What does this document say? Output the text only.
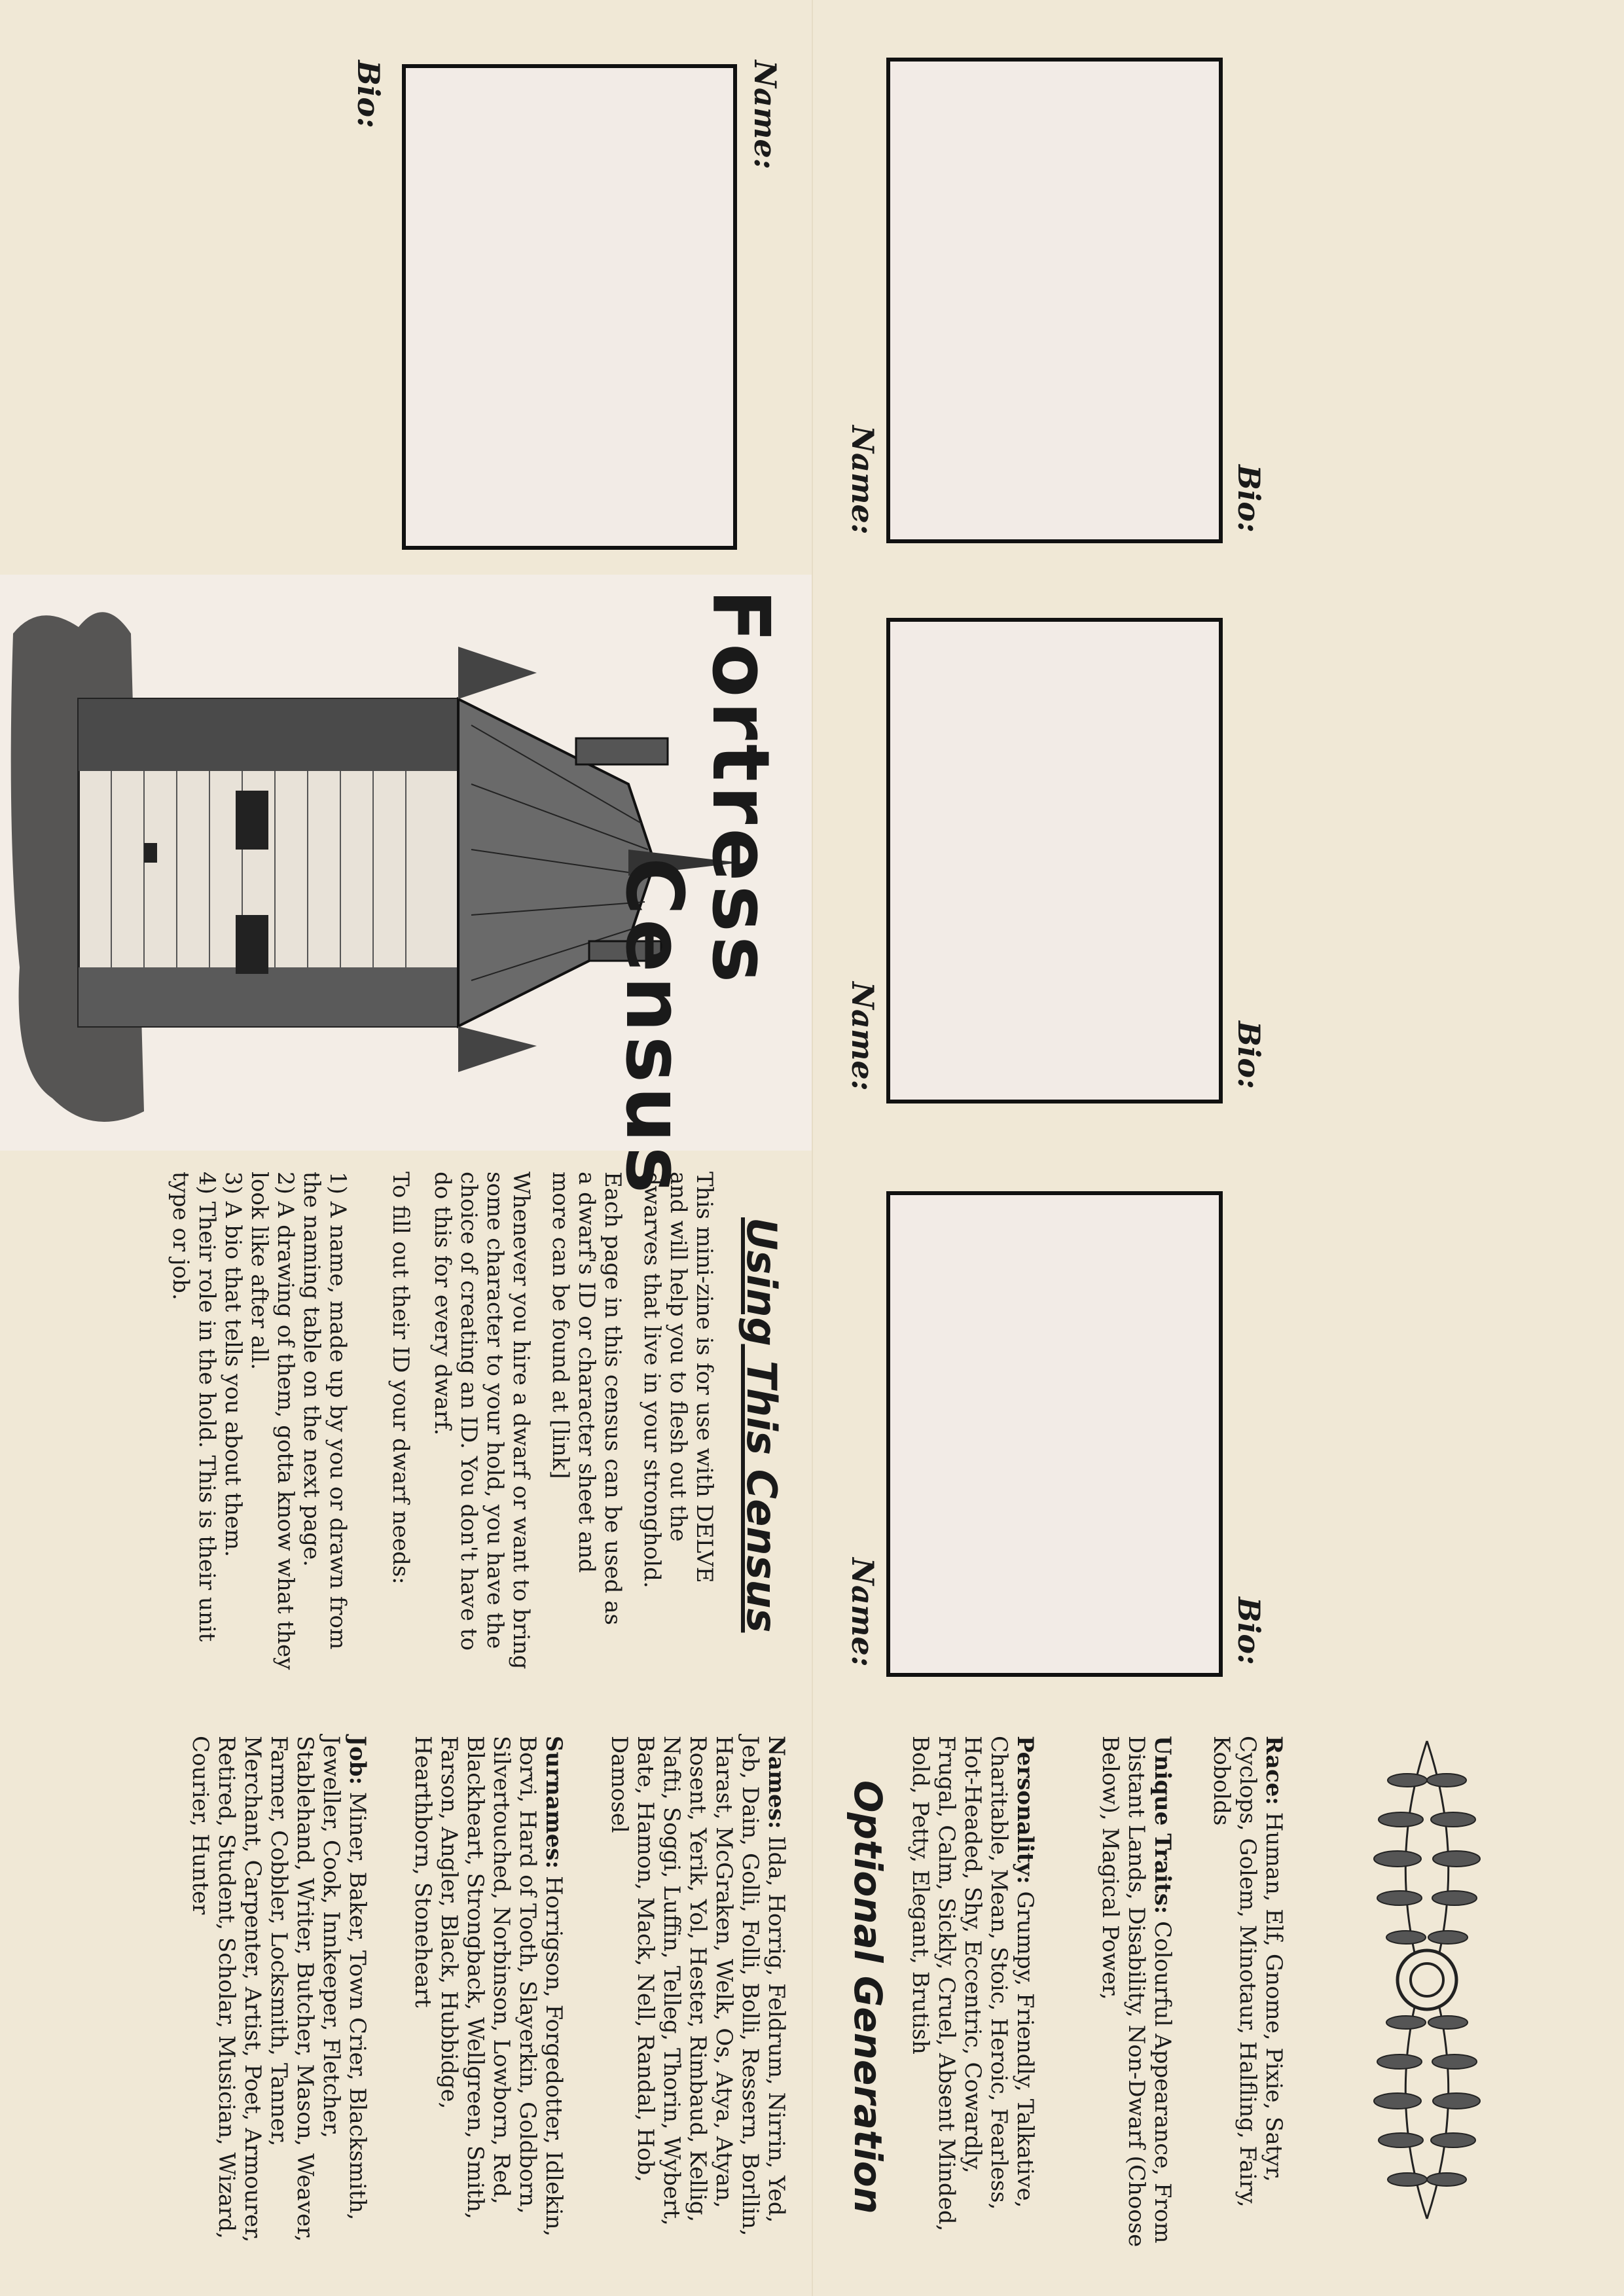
Name:
Bio:
Fortress
Census
Using This Census
This mini-zine is for use with DELVE and will help you to flesh out the dwarves that live in your stronghold.
Each page in this census can be used as a dwarf's ID or character sheet and more can be found at [link]
Whenever you hire a dwarf or want to bring some character to your hold, you have the choice of creating an ID. You don't have to do this for every dwarf.
To fill out their ID your dwarf needs:
1) A name, made up by you or drawn from the naming table on the next page.
2) A drawing of them, gotta know what they look like after all.
3) A bio that tells you about them.
4) Their role in the hold. This is their unit type or job.
Name:	Bio:
Name:	Bio:
Name:	Bio:
Optional Generation
Names: Ilda, Horrig, Feldrum, Nirrin, Yed, Jeb, Dain, Golli, Folli, Bolli, Ressern, Borllin, Harast, McGraken, Welk, Os, Atya, Atyan, Rosent, Yerik, Yol, Hester, Rimbaud, Kellig, Nafti, Soggi, Luffin, Telleg, Thorin, Wybert, Bate, Hamon, Mack, Nell, Randal, Hob, Damosel
Surnames: Horrigson, Forgedotter, Idlekin, Borvi, Hard of Tooth, Slayerkin, Goldborn, Silvertouched, Norbinson, Lowborn, Red, Blackheart, Strongback, Wellgreen, Smith, Farson, Angler, Black, Hubbidge, Hearthborn, Stoneheart
Job: Miner, Baker, Town Crier, Blacksmith, Jeweller, Cook, Innkeeper, Fletcher, Stablehand, Writer, Butcher, Mason, Weaver, Farmer, Cobbler, Locksmith, Tanner, Merchant, Carpenter, Artist, Poet, Armourer, Retired, Student, Scholar, Musician, Wizard, Courier, Hunter	Personality: Grumpy, Friendly, Talkative, Charitable, Mean, Stoic, Heroic, Fearless, Hot-Headed, Shy, Eccentric, Cowardly, Frugal, Calm, Sickly, Cruel, Absent Minded, Bold, Petty, Elegant, Brutish	Unique Traits: Colourful Appearance, From Distant Lands, Disability, Non-Dwarf (Choose Below), Magical Power,	Race: Human, Elf, Gnome, Pixie, Satyr, Cyclops, Golem, Minotaur, Halfling, Fairy, Kobolds
